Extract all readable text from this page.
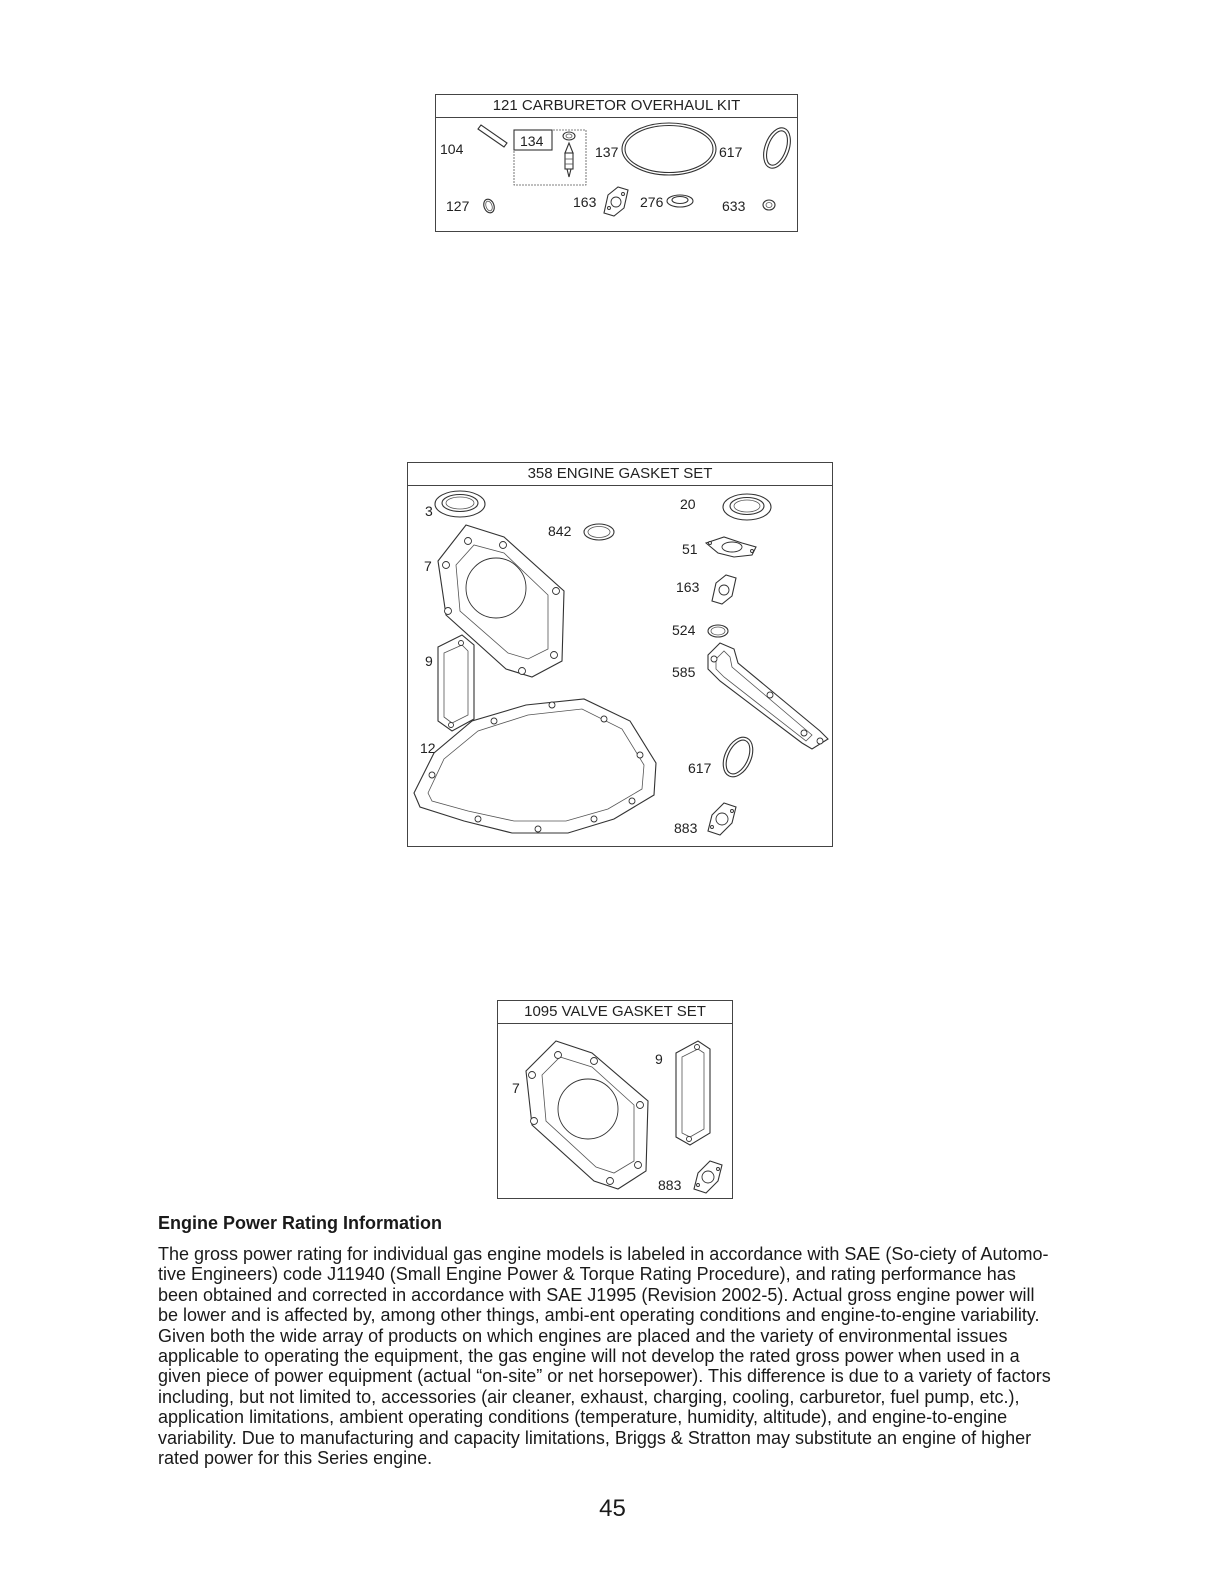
121 CARBURETOR OVERHAUL KIT
104	134
137	617
127	163	276	633
358 ENGINE GASKET SET
3
842
7
9
12
20
51
163
524
585
617
883
1095 VALVE GASKET SET
7
9
883
Engine Power Rating Information
The gross power rating for individual gas engine models is labeled in accordance with SAE (So-ciety of Automo-tive Engineers) code J11940 (Small Engine Power & Torque Rating Procedure), and rating performance has been obtained and corrected in accordance with SAE J1995 (Revision 2002-5). Actual gross engine power will be lower and is affected by, among other things, ambi-ent operating conditions and engine-to-engine variability. Given both the wide array of products on which engines are placed and the variety of environmental issues applicable to operating the equipment, the gas engine will not develop the rated gross power when used in a given piece of power equipment (actual “on-site” or net horsepower). This difference is due to a variety of factors including, but not limited to, accessories (air cleaner, exhaust, charging, cooling, carburetor, fuel pump, etc.), application limitations, ambient operating conditions (temperature, humidity, altitude), and engine-to-engine variability. Due to manufacturing and capacity limitations, Briggs & Stratton may substitute an engine of higher rated power for this Series engine.
45
